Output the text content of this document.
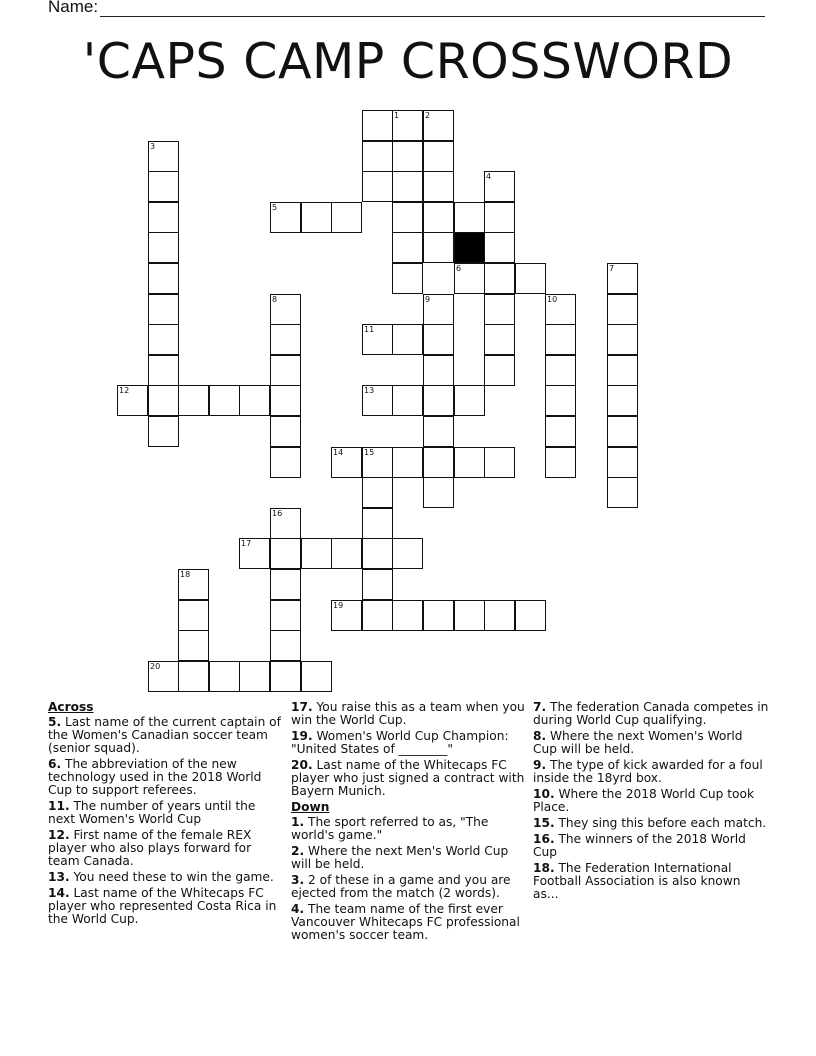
Name:
'CAPS CAMP CROSSWORD
1	2
3
4
5
6	7
8	9	10
11
12	13
14	15
16
17
18
19
20

Across

5. Last name of the current captain of the Women's Canadian soccer team (senior squad).

6. The abbreviation of the new technology used in the 2018 World Cup to support referees.

11. The number of years until the next Women's World Cup

12. First name of the female REX player who also plays forward for team Canada.

13. You need these to win the game.

14. Last name of the Whitecaps FC player who represented Costa Rica in the World Cup.

17. You raise this as a team when you win the World Cup.

19. Women's World Cup Champion: "United States of ________"

20. Last name of the Whitecaps FC player who just signed a contract with Bayern Munich.

Down

1. The sport referred to as, "The world's game."

2. Where the next Men's World Cup will be held.

3. 2 of these in a game and you are ejected from the match (2 words).

4. The team name of the first ever Vancouver Whitecaps FC professional women's soccer team.

7. The federation Canada competes in during World Cup qualifying.

8. Where the next Women's World Cup will be held.

9. The type of kick awarded for a foul inside the 18yrd box.

10. Where the 2018 World Cup took Place.

15. They sing this before each match.

16. The winners of the 2018 World Cup

18. The Federation International Football Association is also known as...
